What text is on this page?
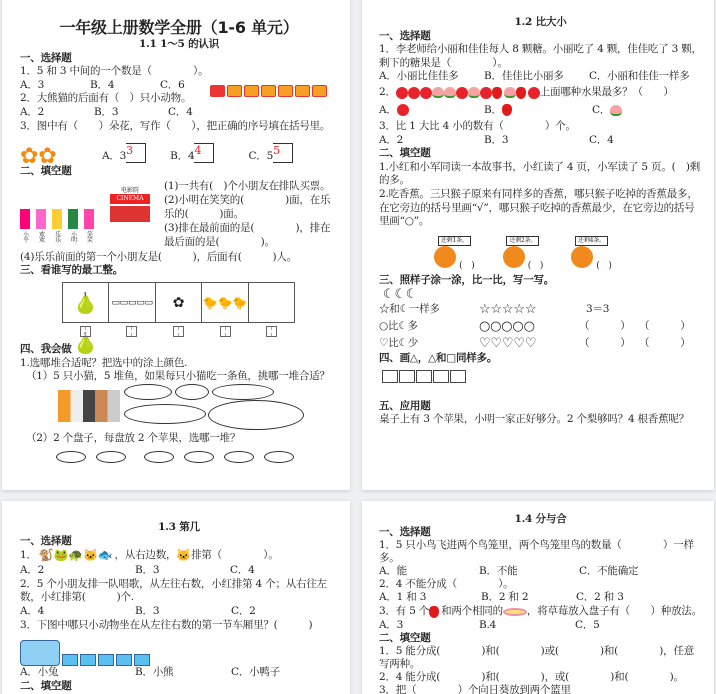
一年级上册数学全册（1-6 单元）
1.1 1～5 的认识
一、选择题
1．5 和 3 中间的一个数是（　　　　）。
A．3	B．4	C．6
2．大熊猫的后面有（　）只小动物。
A．2	B．3	C．4
3．图中有（　　）朵花，写作（　　），把正确的序号填在括号里。
✿✿	A．3 3	B．4 4	C．5 5
二、填空题
小平 欢欢 乐乐 小明 笑笑
电影院
CINEMA
(1)一共有(　)个小朋友在排队买票。
(2)小明在笑笑的(　　　　)面，在乐乐的(　　　)面。
(3)排在最前面的是(　　　　)，排在最后面的是(　　　　)。
(4)乐乐前面的第一个小朋友是(　　　)，后面有(　　　)人。
三、看谁写的最工整。
🍐🍐
▭▭▭▭▭	✿	🐤🐤🐤
四、我会做
1.选哪堆合适呢？把选中的涂上颜色.
（1）5 只小猫，5 堆鱼，如果每只小猫吃一条鱼，挑哪一堆合适？
（2）2 个盘子，每盘放 2 个苹果，选哪一堆？
1.2 比大小
一、选择题
1．李老师给小丽和佳佳每人 8 颗糖。小丽吃了 4 颗，佳佳吃了 3 颗，剩下的糖果是（　　　　）。
A．小丽比佳佳多	B．佳佳比小丽多	C．小丽和佳佳一样多
2．	上面哪种水果最多？（　　）
A．	B．	C．
3．比 1 大比 4 小的数有（　　　　）个。
A．2	B．3	C．4
二、填空题
1.小红和小军同读一本故事书，小红读了 4 页，小军读了 5 页。(　)剩的多。
2.吃香蕉。三只猴子原来有同样多的香蕉，哪只猴子吃掉的香蕉最多，在它旁边的括号里画“√”，哪只猴子吃掉的香蕉最少，在它旁边的括号里画“○”。
还剩1条。
(　)
还剩2条。
(　)
还剩4条。
(　)
三、照样子涂一涂，比一比，写一写。
☾☾☾
☆和☾一样多	☆☆☆☆☆	3＝3
○比☾多	○○○○○	（　　　） （　　　）
♡比☾少	♡♡♡♡♡	（　　　） （　　　）
四、画△，△和□同样多。
五、应用题
桌子上有 3 个苹果，小明一家正好够分。2 个梨够吗？4 根香蕉呢？
1.3 第几
一、选择题
1． 🐒🐸🐢🐱🐟 ，从右边数， 🐱 排第（　　　　）。
A．2	B．3	C．4
2．5 个小朋友排一队唱歌，从左往右数，小红排第 4 个；从右往左数，小红排第(　　　)个.
A．4	B．3	C．2
3．下图中哪只小动物坐在从左往右数的第一节车厢里？(　　　)
A．小兔	B．小熊	C．小鸭子
二、填空题
1.4 分与合
一、选择题
1．5 只小鸟飞进两个鸟笼里，两个鸟笼里鸟的数量（　　　　）一样多。
A．能	B．不能	C．不能确定
2．4 不能分成（　　　　）。
A．1 和 3	B．2 和 2	C．2 和 3
3．有 5 个 和两个相同的 ，将草莓放入盘子有（　　）种放法。
A．3	B.4	C．5
二、填空题
1．5 能分成(　　　　)和(　　　　)或(　　　　)和(　　　　)，任意写两种。
2．4 能分成(　　　　)和(　　　　)，或(　　　　)和(　　　　)。
3．把（　　　　）个向日葵放到两个篮里
